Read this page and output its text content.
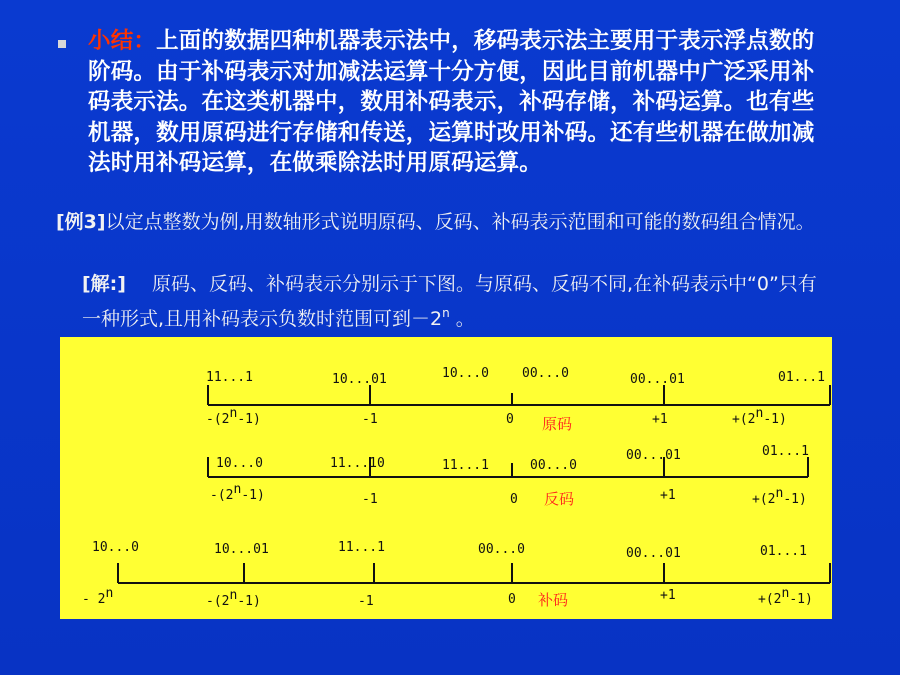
小结：上面的数据四种机器表示法中，移码表示法主要用于表示浮点数的阶码。由于补码表示对加减法运算十分方便，因此目前机器中广泛采用补码表示法。在这类机器中，数用补码表示，补码存储，补码运算。也有些机器，数用原码进行存储和传送，运算时改用补码。还有些机器在做加减法时用补码运算，在做乘除法时用原码运算。
[例3]以定点整数为例,用数轴形式说明原码、反码、补码表示范围和可能的数码组合情况。
[解:] 原码、反码、补码表示分别示于下图。与原码、反码不同,在补码表示中“0”只有一种形式,且用补码表示负数时范围可到$-2^n$ 。
11...1	10...01	10...0	00...0	00...01	01...1
-(2n-1)	-1	0	+1	+(2n-1)
原码
10...0	11...10	11...1	00...0
00...01	01...1
-(2n-1)	-1	0	+1	+(2n-1)
反码
10...0	10...01	11...1	00...0	00...01	01...1
- 2n
-(2n-1)	-1	0	+1	+(2n-1)
补码
